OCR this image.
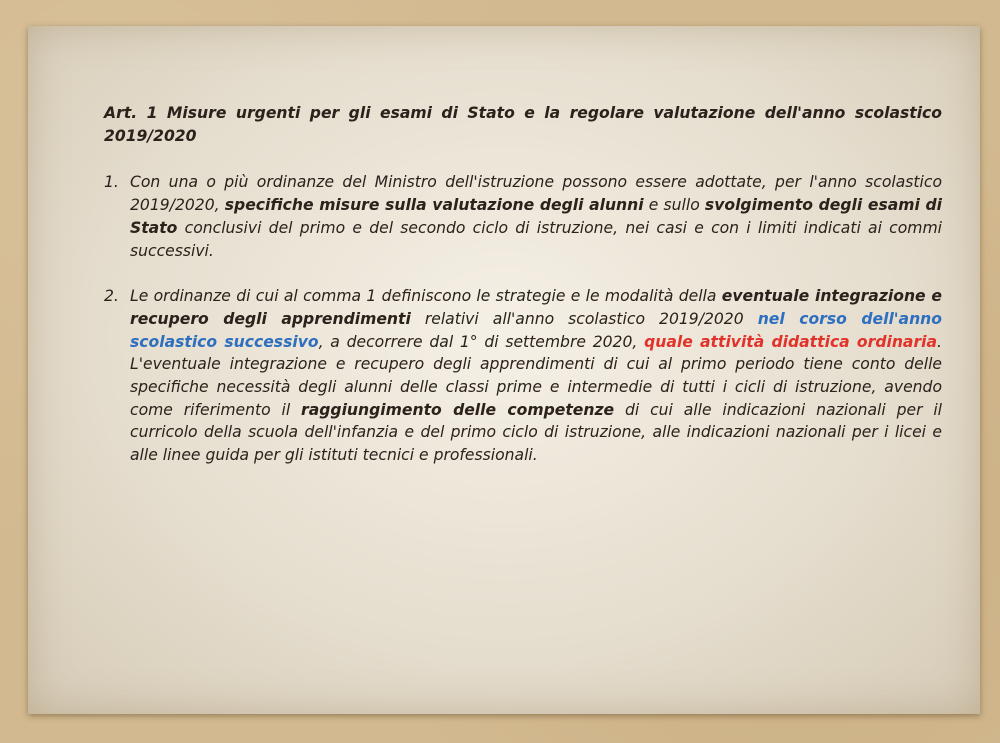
Art. 1 Misure urgenti per gli esami di Stato e la regolare valutazione dell'anno scolastico 2019/2020

1. Con una o più ordinanze del Ministro dell'istruzione possono essere adottate, per l'anno scolastico 2019/2020, specifiche misure sulla valutazione degli alunni e sullo svolgimento degli esami di Stato conclusivi del primo e del secondo ciclo di istruzione, nei casi e con i limiti indicati ai commi successivi.
2. Le ordinanze di cui al comma 1 definiscono le strategie e le modalità della eventuale integrazione e recupero degli apprendimenti relativi all'anno scolastico 2019/2020 nel corso dell'anno scolastico successivo, a decorrere dal 1° di settembre 2020, quale attività didattica ordinaria. L'eventuale integrazione e recupero degli apprendimenti di cui al primo periodo tiene conto delle specifiche necessità degli alunni delle classi prime e intermedie di tutti i cicli di istruzione, avendo come riferimento il raggiungimento delle competenze di cui alle indicazioni nazionali per il curricolo della scuola dell'infanzia e del primo ciclo di istruzione, alle indicazioni nazionali per i licei e alle linee guida per gli istituti tecnici e professionali.
